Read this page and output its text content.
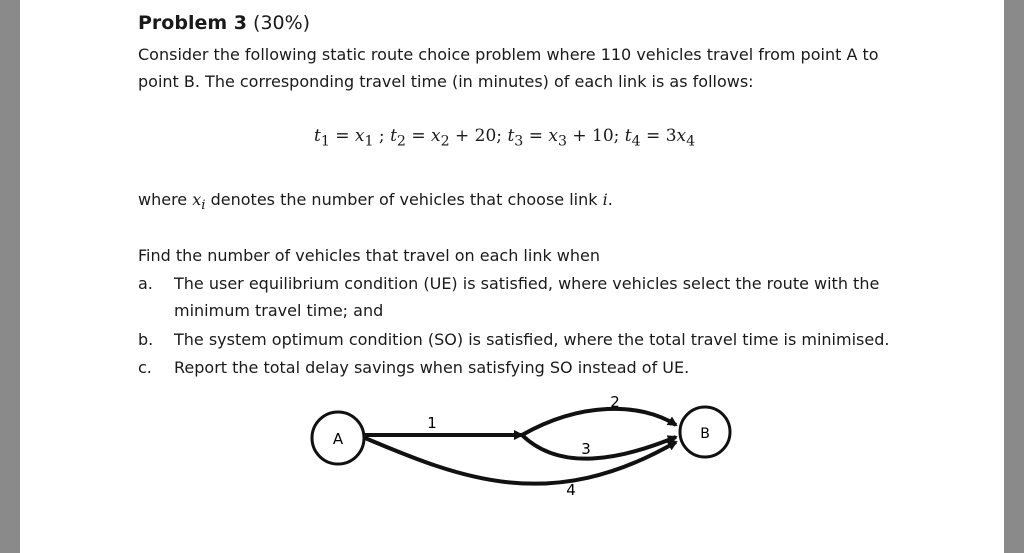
Problem 3 (30%)
Consider the following static route choice problem where 110 vehicles travel from point A to point B. The corresponding travel time (in minutes) of each link is as follows:
$t_1 = x_1$ ; $t_2 = x_2 + 20$; $t_3 = x_3 + 10$; $t_4 = 3x_4$
where $x_i$ denotes the number of vehicles that choose link i.
Find the number of vehicles that travel on each link when
a. The user equilibrium condition (UE) is satisfied, where vehicles select the route with the minimum travel time; and
b. The system optimum condition (SO) is satisfied, where the total travel time is minimised.
c. Report the total delay savings when satisfying SO instead of UE.
A	B
1
2
3
4
